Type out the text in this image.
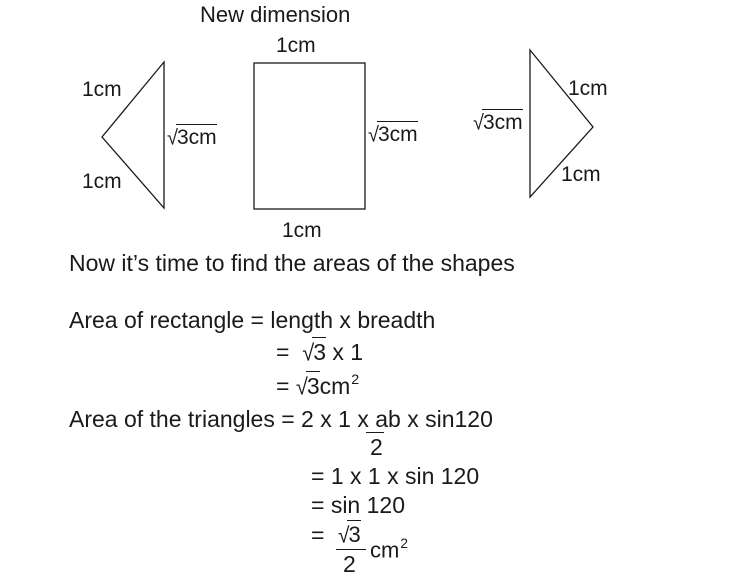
New dimension
1cm
1cm
√3cm
1cm
√3cm
1cm
1cm
1cm
√3cm
Now it’s time to find the areas of the shapes
Area of rectangle = length x breadth
= √3 x 1
= $√3cm^2$
Area of the triangles = 2 x 1 x ab x sin120
2
= 1 x 1 x sin 120
= sin 120
= √3
2
$cm^2$
